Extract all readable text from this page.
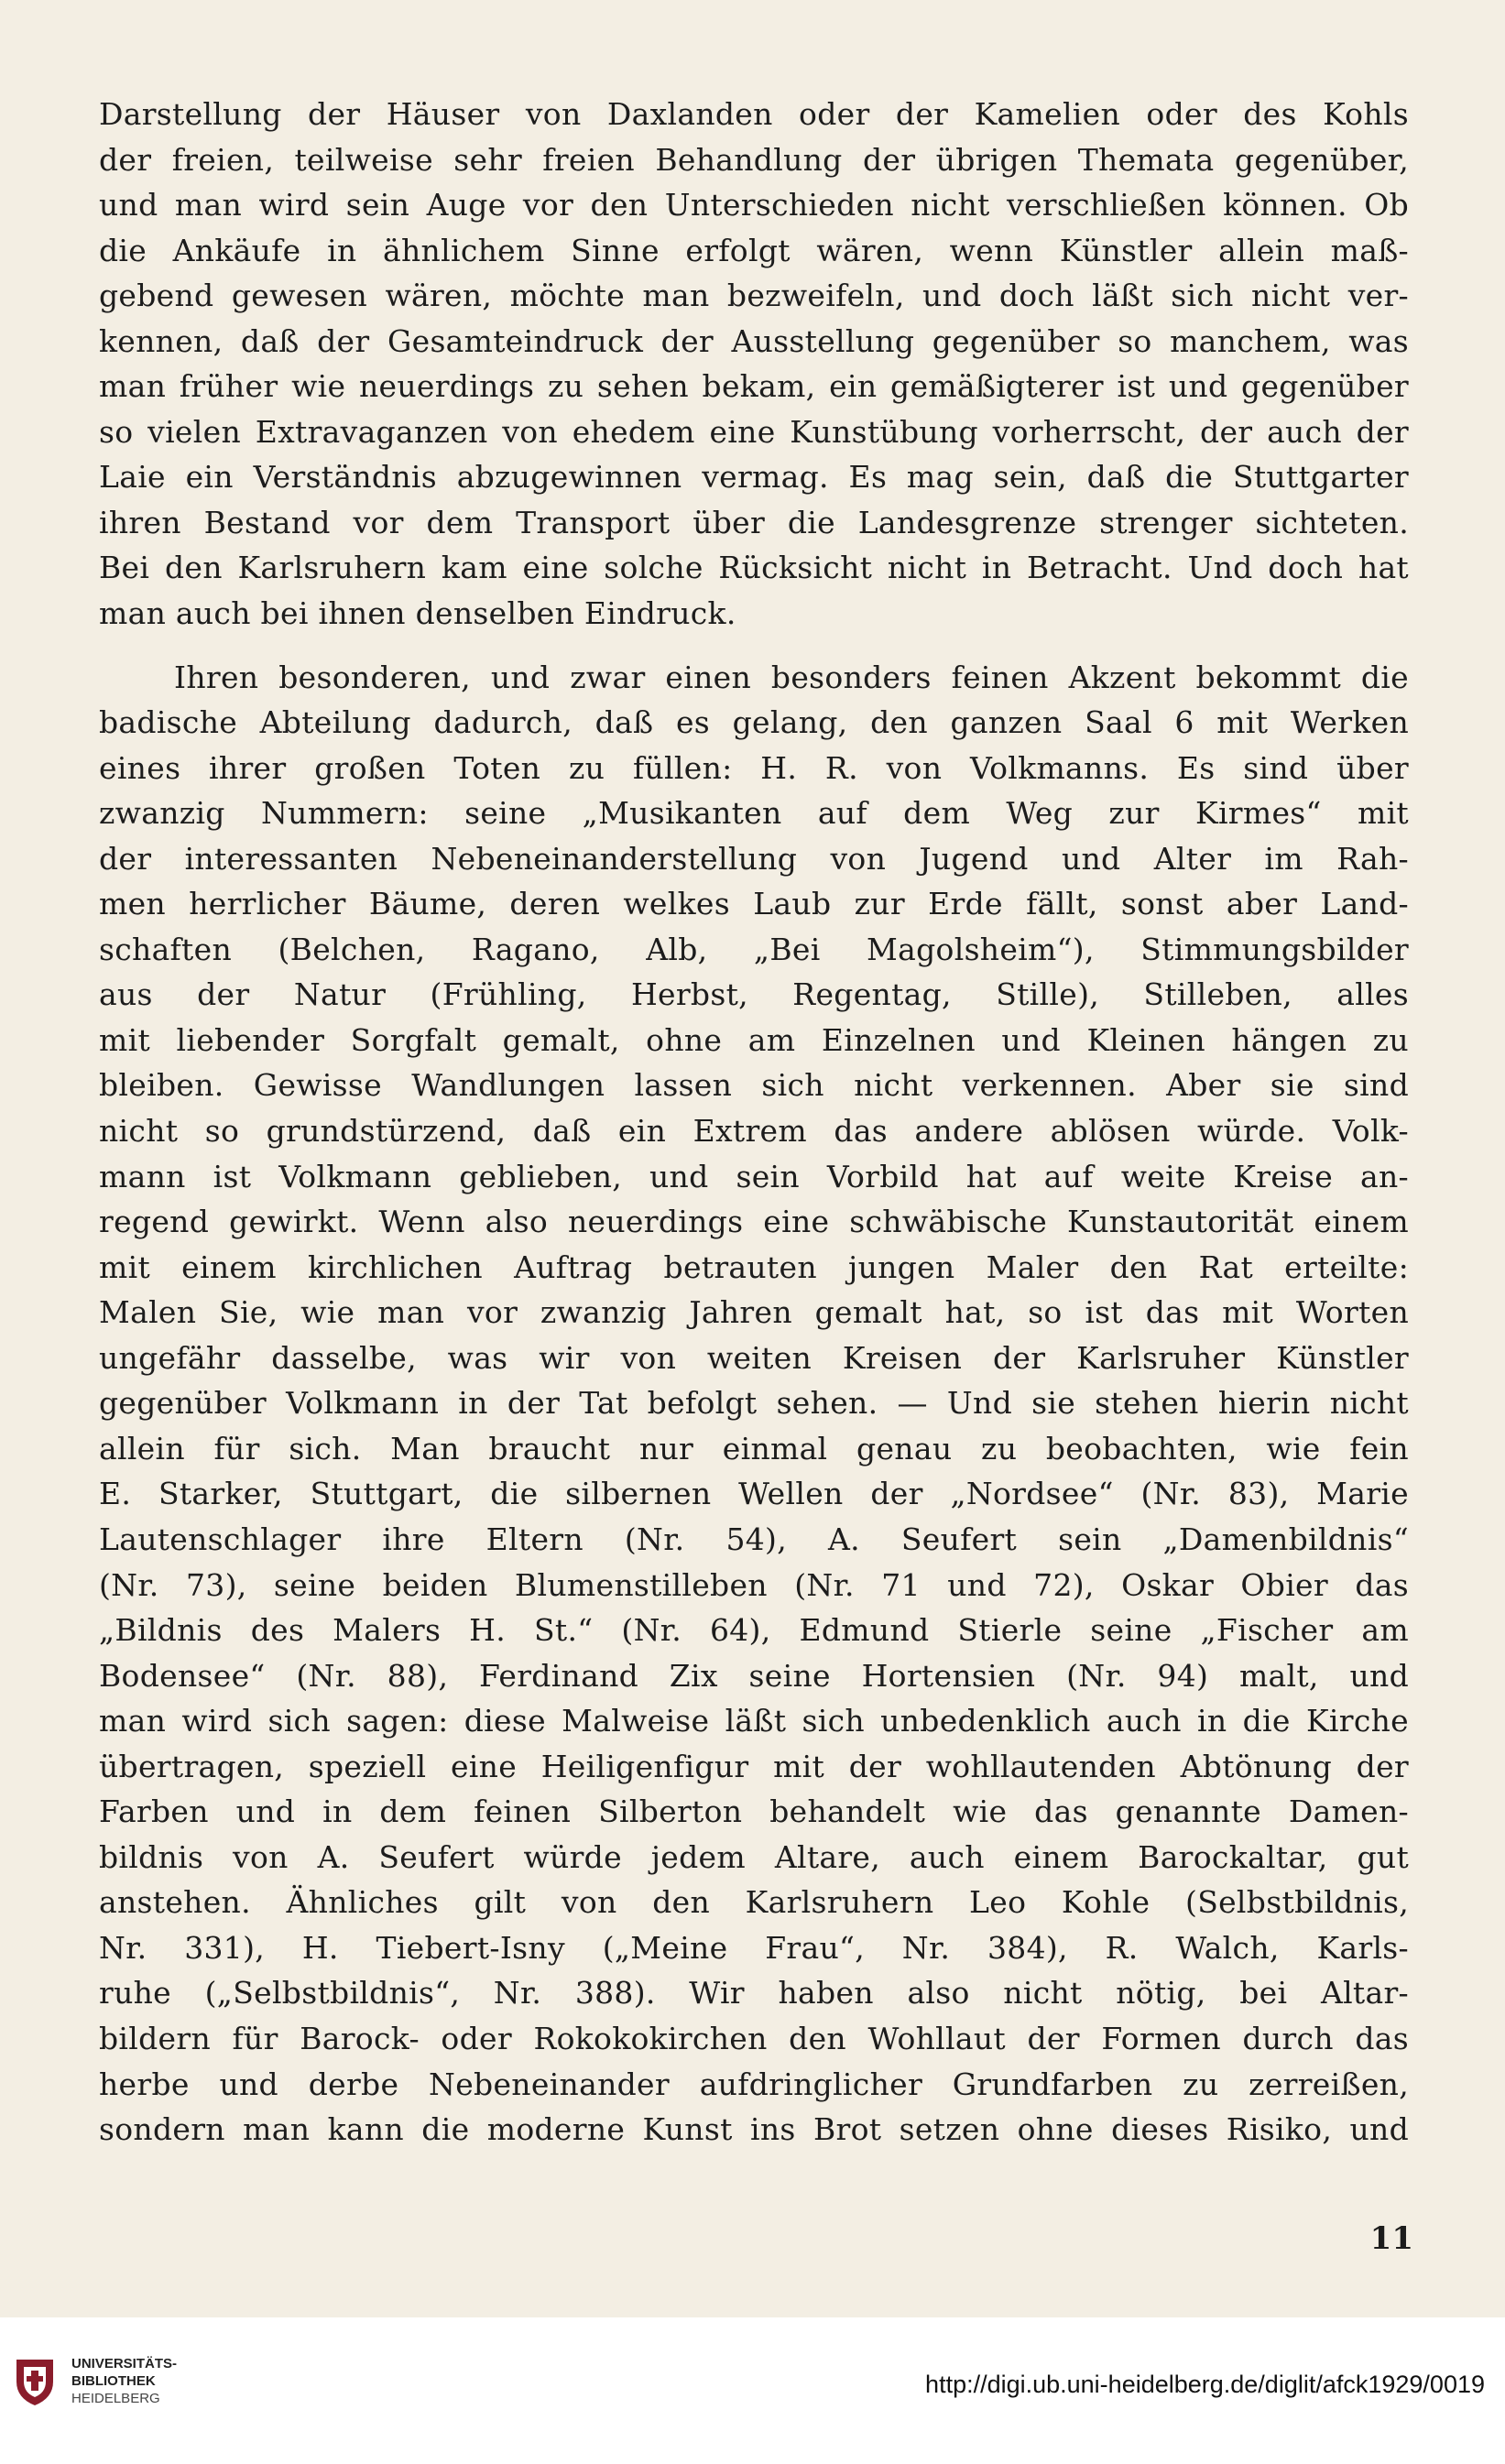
Darstellung der Häuser von Daxlanden oder der Kamelien oder des Kohls
der freien, teilweise sehr freien Behandlung der übrigen Themata gegenüber,
und man wird sein Auge vor den Unterschieden nicht verschließen können. Ob
die Ankäufe in ähnlichem Sinne erfolgt wären, wenn Künstler allein maß-
gebend gewesen wären, möchte man bezweifeln, und doch läßt sich nicht ver-
kennen, daß der Gesamteindruck der Ausstellung gegenüber so manchem, was
man früher wie neuerdings zu sehen bekam, ein gemäßigterer ist und gegenüber
so vielen Extravaganzen von ehedem eine Kunstübung vorherrscht, der auch der
Laie ein Verständnis abzugewinnen vermag. Es mag sein, daß die Stuttgarter
ihren Bestand vor dem Transport über die Landesgrenze strenger sichteten.
Bei den Karlsruhern kam eine solche Rücksicht nicht in Betracht. Und doch hat
man auch bei ihnen denselben Eindruck.
Ihren besonderen, und zwar einen besonders feinen Akzent bekommt die
badische Abteilung dadurch, daß es gelang, den ganzen Saal 6 mit Werken
eines ihrer großen Toten zu füllen: H. R. von Volkmanns. Es sind über
zwanzig Nummern: seine „Musikanten auf dem Weg zur Kirmes“ mit
der interessanten Nebeneinanderstellung von Jugend und Alter im Rah-
men herrlicher Bäume, deren welkes Laub zur Erde fällt, sonst aber Land-
schaften (Belchen, Ragano, Alb, „Bei Magolsheim“), Stimmungsbilder
aus der Natur (Frühling, Herbst, Regentag, Stille), Stilleben, alles
mit liebender Sorgfalt gemalt, ohne am Einzelnen und Kleinen hängen zu
bleiben. Gewisse Wandlungen lassen sich nicht verkennen. Aber sie sind
nicht so grundstürzend, daß ein Extrem das andere ablösen würde. Volk-
mann ist Volkmann geblieben, und sein Vorbild hat auf weite Kreise an-
regend gewirkt. Wenn also neuerdings eine schwäbische Kunstautorität einem
mit einem kirchlichen Auftrag betrauten jungen Maler den Rat erteilte:
Malen Sie, wie man vor zwanzig Jahren gemalt hat, so ist das mit Worten
ungefähr dasselbe, was wir von weiten Kreisen der Karlsruher Künstler
gegenüber Volkmann in der Tat befolgt sehen. — Und sie stehen hierin nicht
allein für sich. Man braucht nur einmal genau zu beobachten, wie fein
E. Starker, Stuttgart, die silbernen Wellen der „Nordsee“ (Nr. 83), Marie
Lautenschlager ihre Eltern (Nr. 54), A. Seufert sein „Damenbildnis“
(Nr. 73), seine beiden Blumenstilleben (Nr. 71 und 72), Oskar Obier das
„Bildnis des Malers H. St.“ (Nr. 64), Edmund Stierle seine „Fischer am
Bodensee“ (Nr. 88), Ferdinand Zix seine Hortensien (Nr. 94) malt, und
man wird sich sagen: diese Malweise läßt sich unbedenklich auch in die Kirche
übertragen, speziell eine Heiligenfigur mit der wohllautenden Abtönung der
Farben und in dem feinen Silberton behandelt wie das genannte Damen-
bildnis von A. Seufert würde jedem Altare, auch einem Barockaltar, gut
anstehen. Ähnliches gilt von den Karlsruhern Leo Kohle (Selbstbildnis,
Nr. 331), H. Tiebert-Isny („Meine Frau“, Nr. 384), R. Walch, Karls-
ruhe („Selbstbildnis“, Nr. 388). Wir haben also nicht nötig, bei Altar-
bildern für Barock- oder Rokokokirchen den Wohllaut der Formen durch das
herbe und derbe Nebeneinander aufdringlicher Grundfarben zu zerreißen,
sondern man kann die moderne Kunst ins Brot setzen ohne dieses Risiko, und
11
UNIVERSITÄTS-
BIBLIOTHEK
HEIDELBERG	http://digi.ub.uni-heidelberg.de/diglit/afck1929/0019
